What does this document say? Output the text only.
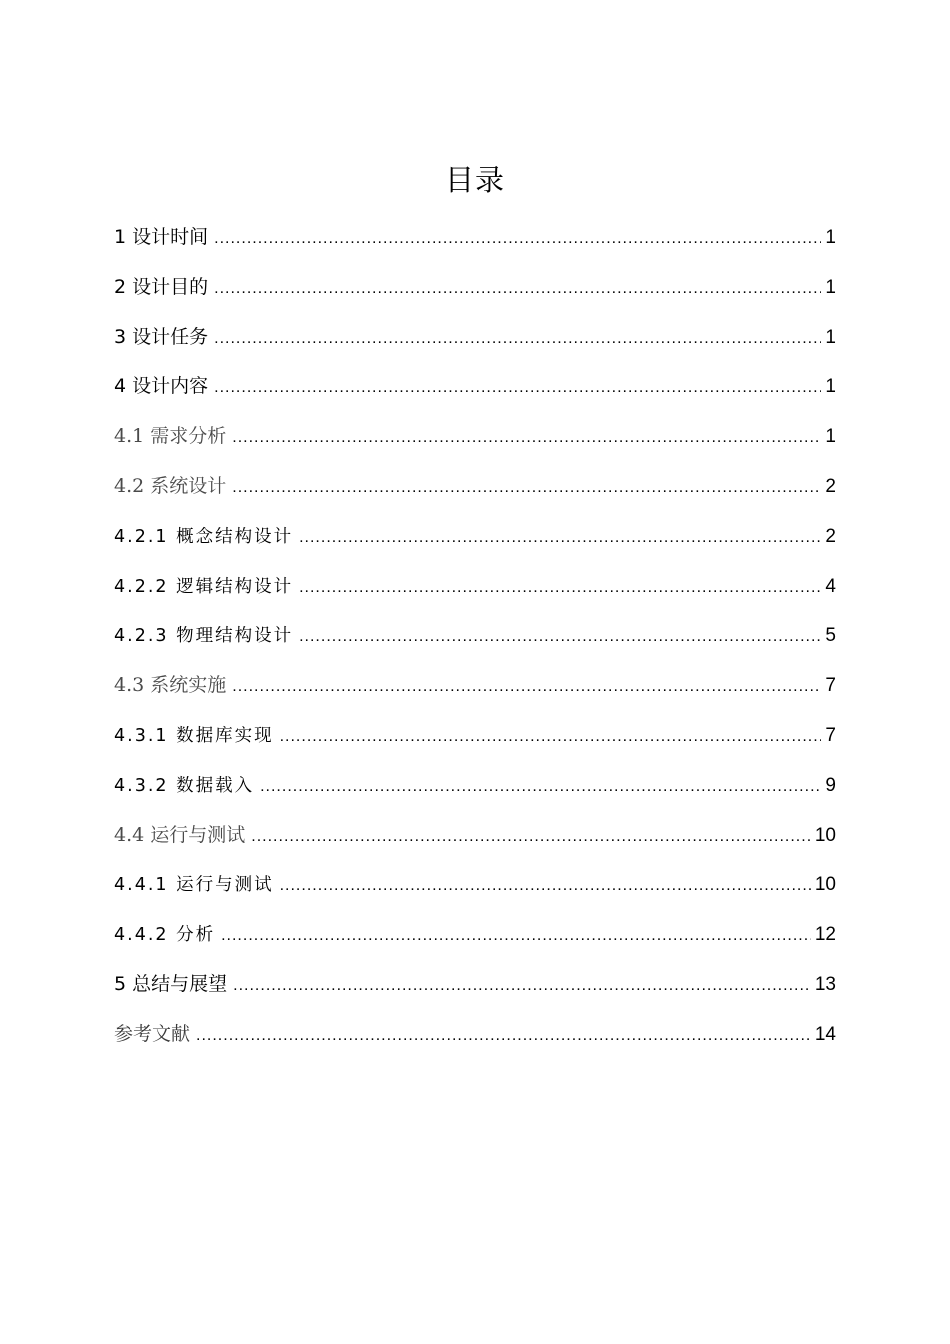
目录
1 设计时间 .....	1
2 设计目的 .....	1
3 设计任务 .....	1
4 设计内容 .....	1
4.1 需求分析 .....	1
4.2 系统设计 .....	2
4.2.1 概念结构设计 .....	2
4.2.2 逻辑结构设计 .....	4
4.2.3 物理结构设计 .....	5
4.3 系统实施 .....	7
4.3.1 数据库实现 .....	7
4.3.2 数据载入 .....	9
4.4 运行与测试 .....	10
4.4.1 运行与测试 .....	10
4.4.2 分析 .....	12
5 总结与展望 .....	13
参考文献 .....	14
